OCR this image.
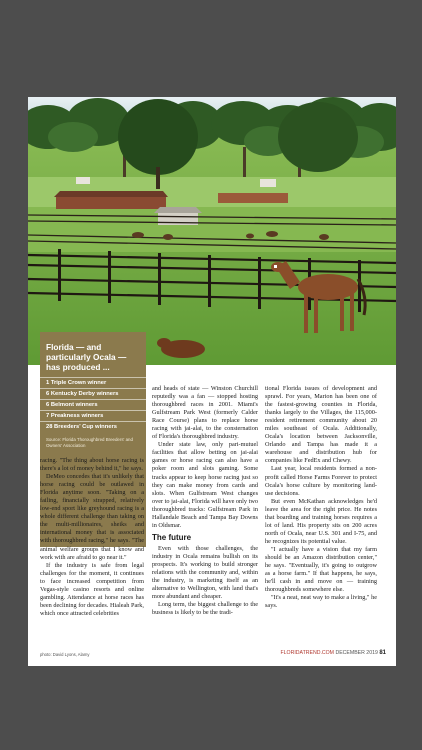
Florida — and particularly Ocala — has produced ...
1 Triple Crown winner
6 Kentucky Derby winners
6 Belmont winners
7 Preakness winners
28 Breeders' Cup winners
Source: Florida Thoroughbred Breeders' and Owners' Association

racing. "The thing about horse racing is there's a lot of money behind it," he says.

DeMeo concedes that it's unlikely that horse racing could be outlawed in Florida anytime soon. "Taking on a failing, financially strapped, relatively low-end sport like greyhound racing is a whole different challenge than taking on the multi-millionaires, sheiks and international money that is associated with thoroughbred racing," he says. "The animal welfare groups that I know and work with are afraid to go near it."

If the industry is safe from legal challenges for the moment, it continues to face increased competition from Vegas-style casino resorts and online gambling. Attendance at horse races has been declining for decades. Hialeah Park, which once attracted celebrities

and heads of state — Winston Churchill reputedly was a fan — stopped hosting thoroughbred races in 2001. Miami's Gulfstream Park West (formerly Calder Race Course) plans to replace horse racing with jai-alai, to the consternation of Florida's thoroughbred industry.

Under state law, only pari-mutuel facilities that allow betting on jai-alai games or horse racing can also have a poker room and slots gaming. Some tracks appear to keep horse racing just so they can make money from cards and slots. When Gulfstream West changes over to jai-alai, Florida will have only two thoroughbred tracks: Gulfstream Park in Hallandale Beach and Tampa Bay Downs in Oldsmar.

The future

Even with those challenges, the industry in Ocala remains bullish on its prospects. It's working to build stronger relations with the community and, within the industry, is marketing itself as an alternative to Wellington, with land that's more abundant and cheaper.

Long term, the biggest challenge to the business is likely to be the tradi-

tional Florida issues of development and sprawl. For years, Marion has been one of the fastest-growing counties in Florida, thanks largely to the Villages, the 115,000-resident retirement community about 20 miles southeast of Ocala. Additionally, Ocala's location between Jacksonville, Orlando and Tampa has made it a warehouse and distribution hub for companies like FedEx and Chewy.

Last year, local residents formed a non-profit called Horse Farms Forever to protect Ocala's horse culture by monitoring land-use decisions.

But even McKathan acknowledges he'd leave the area for the right price. He notes that boarding and training horses requires a lot of land. His property sits on 200 acres north of Ocala, near U.S. 301 and I-75, and he recognizes its potential value.

"I actually have a vision that my farm should be an Amazon distribution center," he says. "Eventually, it's going to outgrow as a horse farm." If that happens, he says, he'll cash in and move on — training thoroughbreds somewhere else.

"It's a neat, neat way to make a living," he says.

photo: David Lyons, Alamy	FLORIDATREND.COM DECEMBER 2019 81
